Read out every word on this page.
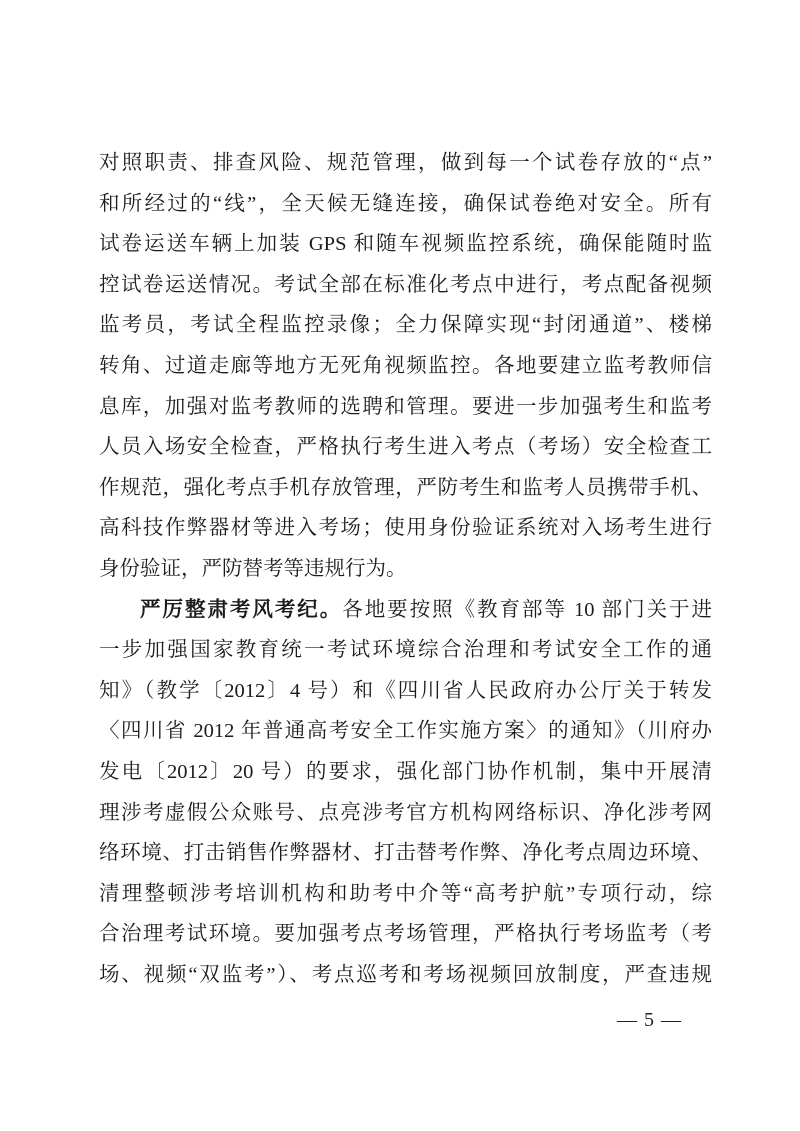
对照职责、排查风险、规范管理，做到每一个试卷存放的“点”

和所经过的“线”，全天候无缝连接，确保试卷绝对安全。所有

试卷运送车辆上加装 GPS 和随车视频监控系统，确保能随时监

控试卷运送情况。考试全部在标准化考点中进行，考点配备视频

监考员，考试全程监控录像；全力保障实现“封闭通道”、楼梯

转角、过道走廊等地方无死角视频监控。各地要建立监考教师信

息库，加强对监考教师的选聘和管理。要进一步加强考生和监考

人员入场安全检查，严格执行考生进入考点（考场）安全检查工

作规范，强化考点手机存放管理，严防考生和监考人员携带手机、

高科技作弊器材等进入考场；使用身份验证系统对入场考生进行

身份验证，严防替考等违规行为。

严厉整肃考风考纪。各地要按照《教育部等 10 部门关于进

一步加强国家教育统一考试环境综合治理和考试安全工作的通

知》（教学〔2012〕4 号）和《四川省人民政府办公厅关于转发

〈四川省 2012 年普通高考安全工作实施方案〉的通知》（川府办

发电〔2012〕20 号）的要求，强化部门协作机制，集中开展清

理涉考虚假公众账号、点亮涉考官方机构网络标识、净化涉考网

络环境、打击销售作弊器材、打击替考作弊、净化考点周边环境、

清理整顿涉考培训机构和助考中介等“高考护航”专项行动，综

合治理考试环境。要加强考点考场管理，严格执行考场监考（考

场、视频“双监考”）、考点巡考和考场视频回放制度，严查违规

— 5 —
